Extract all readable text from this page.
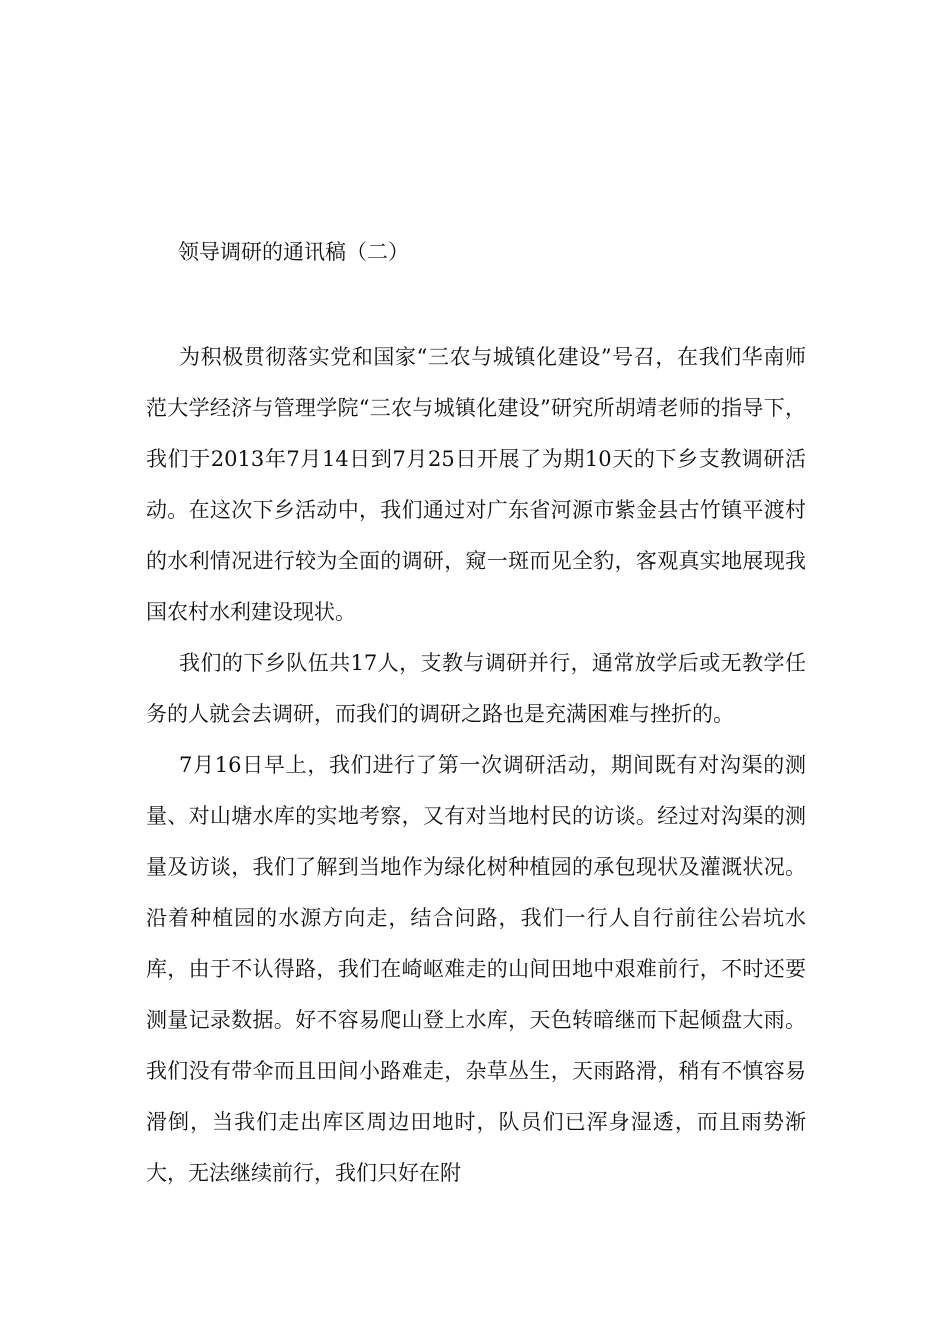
领导调研的通讯稿（二）

为积极贯彻落实党和国家“三农与城镇化建设”号召，在我们华南师范大学经济与管理学院“三农与城镇化建设”研究所胡靖老师的指导下，我们于2013年7月14日到7月25日开展了为期10天的下乡支教调研活动。在这次下乡活动中，我们通过对广东省河源市紫金县古竹镇平渡村的水利情况进行较为全面的调研，窥一斑而见全豹，客观真实地展现我国农村水利建设现状。

我们的下乡队伍共17人，支教与调研并行，通常放学后或无教学任务的人就会去调研，而我们的调研之路也是充满困难与挫折的。

7月16日早上，我们进行了第一次调研活动，期间既有对沟渠的测量、对山塘水库的实地考察，又有对当地村民的访谈。经过对沟渠的测量及访谈，我们了解到当地作为绿化树种植园的承包现状及灌溉状况。沿着种植园的水源方向走，结合问路，我们一行人自行前往公岩坑水库，由于不认得路，我们在崎岖难走的山间田地中艰难前行，不时还要测量记录数据。好不容易爬山登上水库，天色转暗继而下起倾盘大雨。我们没有带伞而且田间小路难走，杂草丛生，天雨路滑，稍有不慎容易滑倒，当我们走出库区周边田地时，队员们已浑身湿透，而且雨势渐大，无法继续前行，我们只好在附
